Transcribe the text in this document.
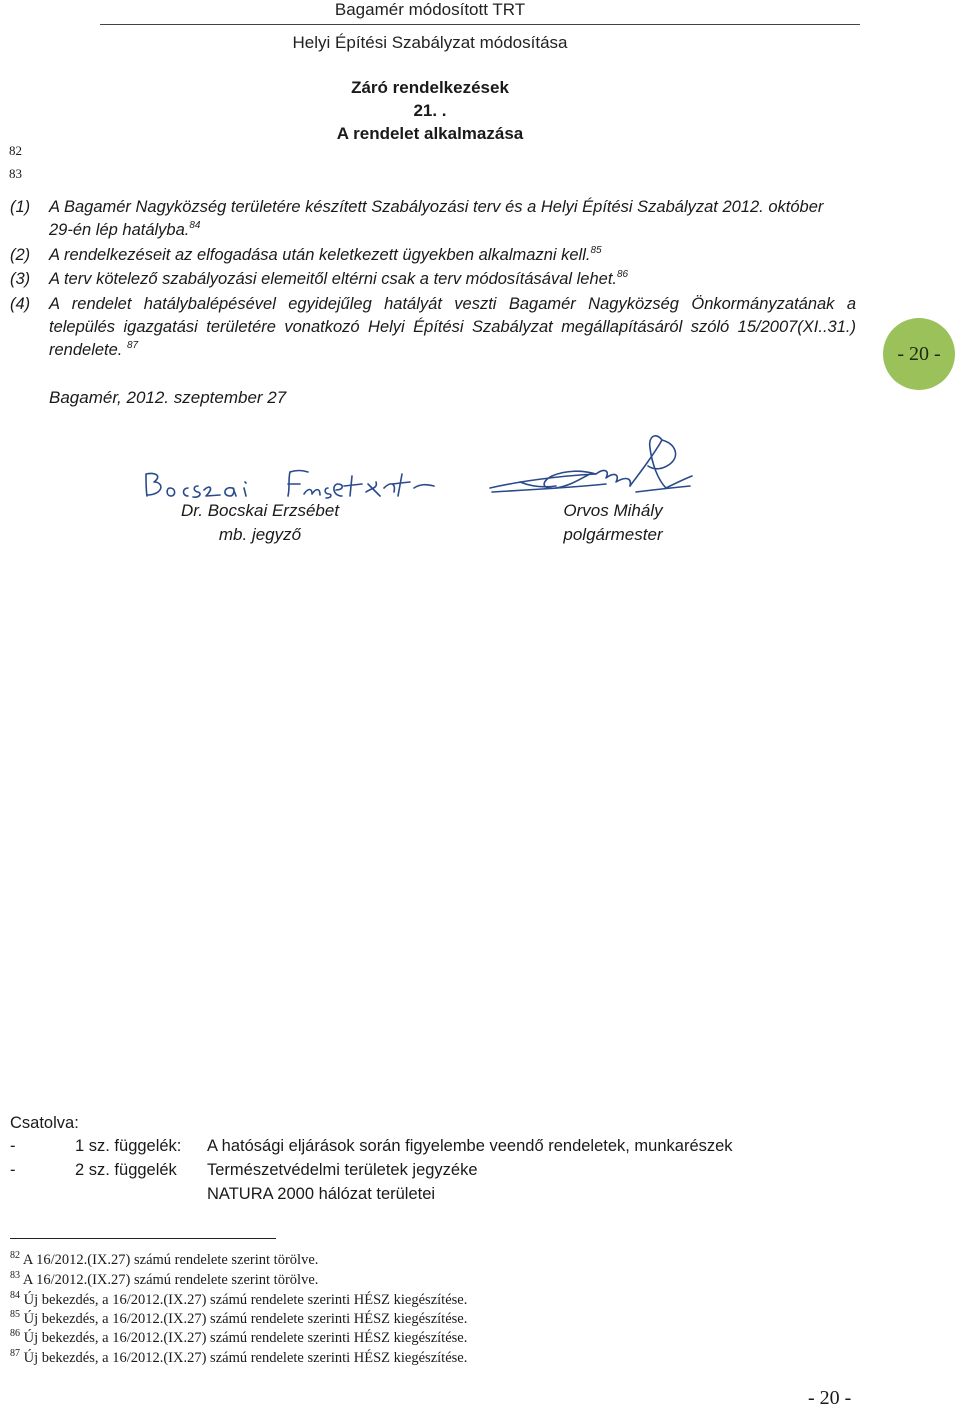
Bagamér módosított TRT
Helyi Építési Szabályzat módosítása
Záró rendelkezések
21. .
A rendelet alkalmazása
82
83
(1) A Bagamér Nagyközség területére készített Szabályozási terv és a Helyi Építési Szabályzat 2012. október
29-én lép hatályba.$^{84}$
(2) A rendelkezéseit az elfogadása után keletkezett ügyekben alkalmazni kell.$^{85}$
(3) A terv kötelező szabályozási elemeitől eltérni csak a terv módosításával lehet.$^{86}$
(4) A rendelet hatálybalépésével egyidejűleg hatályát veszti Bagamér Nagyközség Önkormányzatának a
település igazgatási területére vonatkozó Helyi Építési Szabályzat megállapításáról szóló 15/2007(XI..31.)
rendelete. $^{87}$	- 20 -
Bagamér, 2012. szeptember 27
Dr. Bocskai Erzsébet
mb. jegyző
Orvos Mihály
polgármester
Csatolva:
-	1 sz. függelék: A hatósági eljárások során figyelembe veendő rendeletek, munkarészek
-	2 sz. függelék Természetvédelmi területek jegyzéke
NATURA 2000 hálózat területei
$^{82}$ A 16/2012.(IX.27) számú rendelete szerint törölve.
$^{83}$ A 16/2012.(IX.27) számú rendelete szerint törölve.
$^{84}$ Új bekezdés, a 16/2012.(IX.27) számú rendelete szerinti HÉSZ kiegészítése.
$^{85}$ Új bekezdés, a 16/2012.(IX.27) számú rendelete szerinti HÉSZ kiegészítése.
$^{86}$ Új bekezdés, a 16/2012.(IX.27) számú rendelete szerinti HÉSZ kiegészítése.
$^{87}$ Új bekezdés, a 16/2012.(IX.27) számú rendelete szerinti HÉSZ kiegészítése.
- 20 -
